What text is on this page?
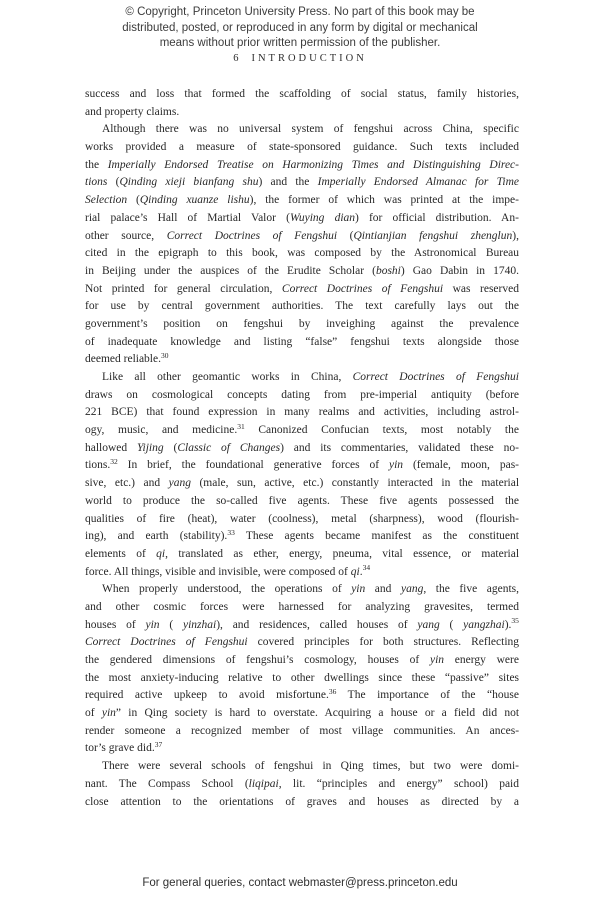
© Copyright, Princeton University Press. No part of this book may be
distributed, posted, or reproduced in any form by digital or mechanical
means without prior written permission of the publisher.
6 INTRODUCTION
success and loss that formed the scaffolding of social status, family histories,
and property claims.
Although there was no universal system of fengshui across China, specific
works provided a measure of state-sponsored guidance. Such texts included
the Imperially Endorsed Treatise on Harmonizing Times and Distinguishing Direc-
tions (Qinding xieji bianfang shu) and the Imperially Endorsed Almanac for Time
Selection (Qinding xuanze lishu), the former of which was printed at the impe-
rial palace’s Hall of Martial Valor (Wuying dian) for official distribution. An-
other source, Correct Doctrines of Fengshui (Qintianjian fengshui zhenglun),
cited in the epigraph to this book, was composed by the Astronomical Bureau
in Beijing under the auspices of the Erudite Scholar (boshi) Gao Dabin in 1740.
Not printed for general circulation, Correct Doctrines of Fengshui was reserved
for use by central government authorities. The text carefully lays out the
government’s position on fengshui by inveighing against the prevalence
of inadequate knowledge and listing “false” fengshui texts alongside those
deemed reliable.$^{30}$
Like all other geomantic works in China, Correct Doctrines of Fengshui
draws on cosmological concepts dating from pre-imperial antiquity (before
221 BCE) that found expression in many realms and activities, including astrol-
ogy, music, and medicine.$^{31}$ Canonized Confucian texts, most notably the
hallowed Yijing (Classic of Changes) and its commentaries, validated these no-
tions.$^{32}$ In brief, the foundational generative forces of yin (female, moon, pas-
sive, etc.) and yang (male, sun, active, etc.) constantly interacted in the material
world to produce the so-called five agents. These five agents possessed the
qualities of fire (heat), water (coolness), metal (sharpness), wood (flourish-
ing), and earth (stability).$^{33}$ These agents became manifest as the constituent
elements of qi, translated as ether, energy, pneuma, vital essence, or material
force. All things, visible and invisible, were composed of qi.$^{34}$
When properly understood, the operations of yin and yang, the five agents,
and other cosmic forces were harnessed for analyzing gravesites, termed
houses of yin ( yinzhai), and residences, called houses of yang ( yangzhai).$^{35}$
Correct Doctrines of Fengshui covered principles for both structures. Reflecting
the gendered dimensions of fengshui’s cosmology, houses of yin energy were
the most anxiety-inducing relative to other dwellings since these “passive” sites
required active upkeep to avoid misfortune.$^{36}$ The importance of the “house
of yin” in Qing society is hard to overstate. Acquiring a house or a field did not
render someone a recognized member of most village communities. An ances-
tor’s grave did.$^{37}$
There were several schools of fengshui in Qing times, but two were domi-
nant. The Compass School (liqipai, lit. “principles and energy” school) paid
close attention to the orientations of graves and houses as directed by a
For general queries, contact webmaster@press.princeton.edu
